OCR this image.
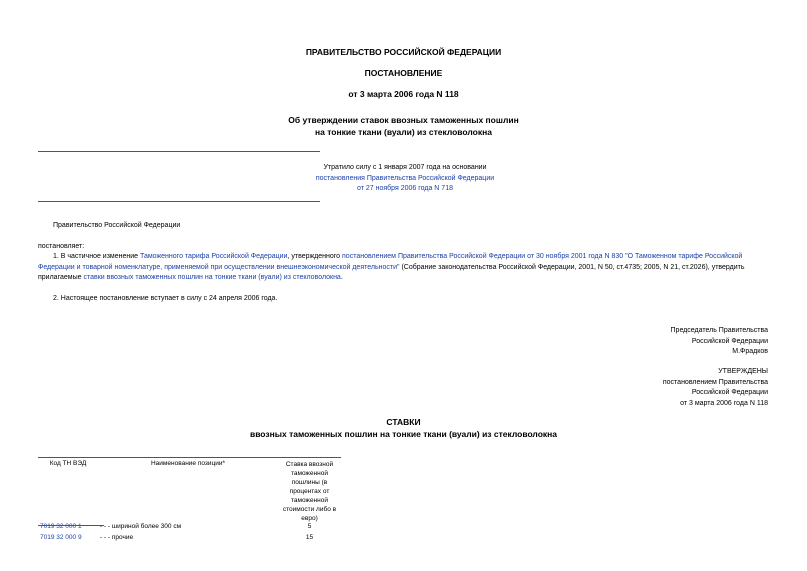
ПРАВИТЕЛЬСТВО РОССИЙСКОЙ ФЕДЕРАЦИИ
ПОСТАНОВЛЕНИЕ
от 3 марта 2006 года N 118
Об утверждении ставок ввозных таможенных пошлин
на тонкие ткани (вуали) из стекловолокна
Утратило силу с 1 января 2007 года на основании
постановления Правительства Российской Федерации
от 27 ноября 2006 года N 718
Правительство Российской Федерации
постановляет:
1. В частичное изменение Таможенного тарифа Российской Федерации, утвержденного постановлением Правительства Российской Федерации от 30 ноября 2001 года N 830 "О Таможенном тарифе Российской Федерации и товарной номенклатуре, применяемой при осуществлении внешнеэкономической деятельности" (Собрание законодательства Российской Федерации, 2001, N 50, ст.4735; 2005, N 21, ст.2026), утвердить прилагаемые ставки ввозных таможенных пошлин на тонкие ткани (вуали) из стекловолокна.
2. Настоящее постановление вступает в силу с 24 апреля 2006 года.
Председатель Правительства
Российской Федерации
М.Фрадков
УТВЕРЖДЕНЫ
постановлением Правительства
Российской Федерации
от 3 марта 2006 года N 118
СТАВКИ
ввозных таможенных пошлин на тонкие ткани (вуали) из стекловолокна
Код ТН ВЭД	Наименование позиции*	Ставка ввозной таможенной пошлины (в процентах от таможенной стоимости либо в евро)
7019 32 000 1	- - - шириной более 300 см	5
7019 32 000 9	- - - прочие	15
